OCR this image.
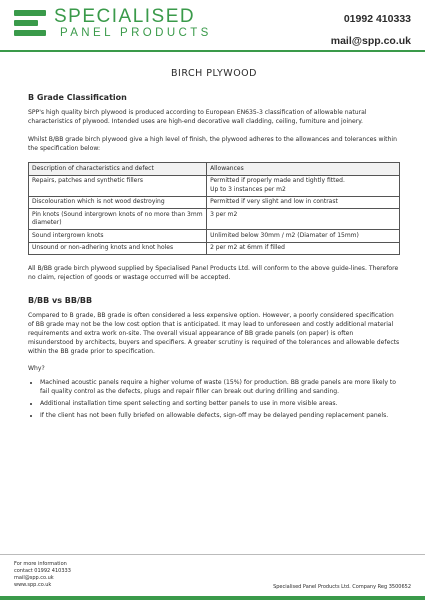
SPECIALISED
PANEL PRODUCTS
01992 410333
mail@spp.co.uk
BIRCH PLYWOOD
B Grade Classification

SPP's high quality birch plywood is produced according to European EN635-3 classification of allowable natural characteristics of plywood. Intended uses are high-end decorative wall cladding, ceiling, furniture and joinery.

Whilst B/BB grade birch plywood give a high level of finish, the plywood adheres to the allowances and tolerances within the specification below:

Description of characteristics and defect	Allowances
Repairs, patches and synthetic fillers	Permitted if properly made and tightly fitted.
Up to 3 instances per m2
Discolouration which is not wood destroying	Permitted if very slight and low in contrast
Pin knots (Sound intergrown knots of no more than 3mm diameter)	3 per m2
Sound intergrown knots	Unlimited below 30mm / m2 (Diamater of 15mm)
Unsound or non-adhering knots and knot holes	2 per m2 at 6mm if filled

All B/BB grade birch plywood supplied by Specialised Panel Products Ltd. will conform to the above guide-lines. Therefore no claim, rejection of goods or wastage occurred will be accepted.

B/BB vs BB/BB

Compared to B grade, BB grade is often considered a less expensive option. However, a poorly considered specification of BB grade may not be the low cost option that is anticipated. It may lead to unforeseen and costly additional material requirements and extra work on-site. The overall visual appearance of BB grade panels (on paper) is often misunderstood by architects, buyers and specifiers. A greater scrutiny is required of the tolerances and allowable defects within the BB grade prior to specification.

Why?
• Machined acoustic panels require a higher volume of waste (15%) for production. BB grade panels are more likely to fail quality control as the defects, plugs and repair filler can break out during drilling and sanding.
• Additional installation time spent selecting and sorting better panels to use in more visible areas.
• If the client has not been fully briefed on allowable defects, sign-off may be delayed pending replacement panels.
For more information
contact 01992 410333
mail@spp.co.uk
www.spp.co.uk	Specialised Panel Products Ltd. Company Reg 3500652
